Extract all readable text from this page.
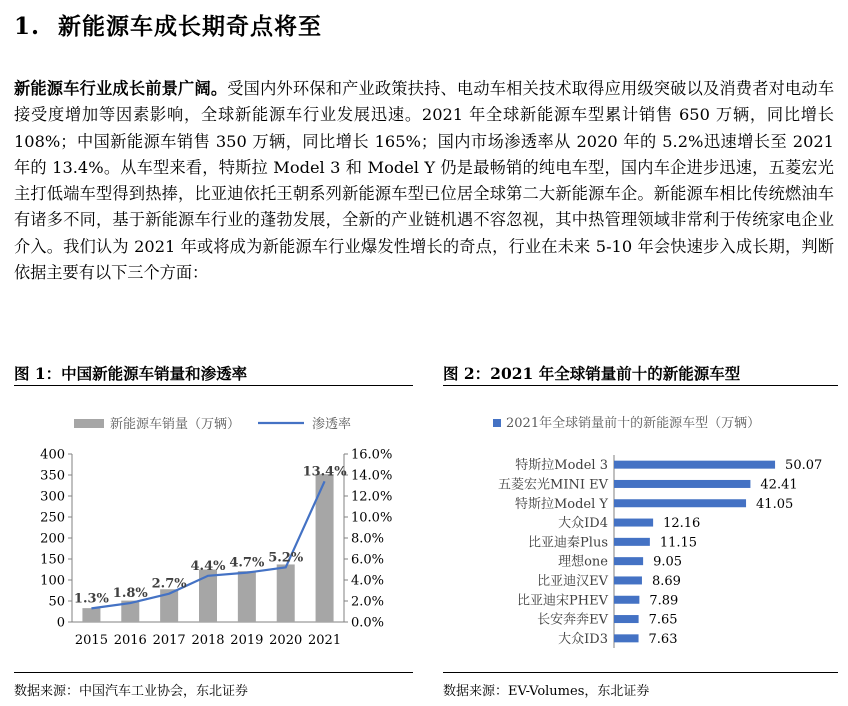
1. 新能源车成长期奇点将至
新能源车行业成长前景广阔。受国内外环保和产业政策扶持、电动车相关技术取得应用级突破以及消费者对电动车接受度增加等因素影响，全球新能源车行业发展迅速。2021 年全球新能源车型累计销售 650 万辆，同比增长 108%；中国新能源车销售 350 万辆，同比增长 165%；国内市场渗透率从 2020 年的 5.2%迅速增长至 2021 年的 13.4%。从车型来看，特斯拉 Model 3 和 Model Y 仍是最畅销的纯电车型，国内车企进步迅速，五菱宏光主打低端车型得到热捧，比亚迪依托王朝系列新能源车型已位居全球第二大新能源车企。新能源车相比传统燃油车有诸多不同，基于新能源车行业的蓬勃发展，全新的产业链机遇不容忽视，其中热管理领域非常利于传统家电企业介入。我们认为 2021 年或将成为新能源车行业爆发性增长的奇点，行业在未来 5-10 年会快速步入成长期，判断依据主要有以下三个方面：
图 1：中国新能源车销量和渗透率
数据来源：中国汽车工业协会，东北证券
新能源车销量（万辆）	渗透率
0	0.0%
50	2.0%
100	4.0%
150	6.0%
200	8.0%
250	10.0%
300	12.0%
350	14.0%
400	16.0%
2015 2016 2017 2018 2019 2020 2021
1.3% 1.8%
2.7%
4.4% 4.7% 5.2%
13.4%
图 2：2021 年全球销量前十的新能源车型
数据来源：EV-Volumes，东北证券
2021年全球销量前十的新能源车型（万辆）
特斯拉Model 3	50.07
五菱宏光MINI EV	42.41
特斯拉Model Y	41.05
大众ID4	12.16
比亚迪秦Plus	11.15
理想one	9.05
比亚迪汉EV	8.69
比亚迪宋PHEV	7.89
长安奔奔EV	7.65
大众ID3	7.63
